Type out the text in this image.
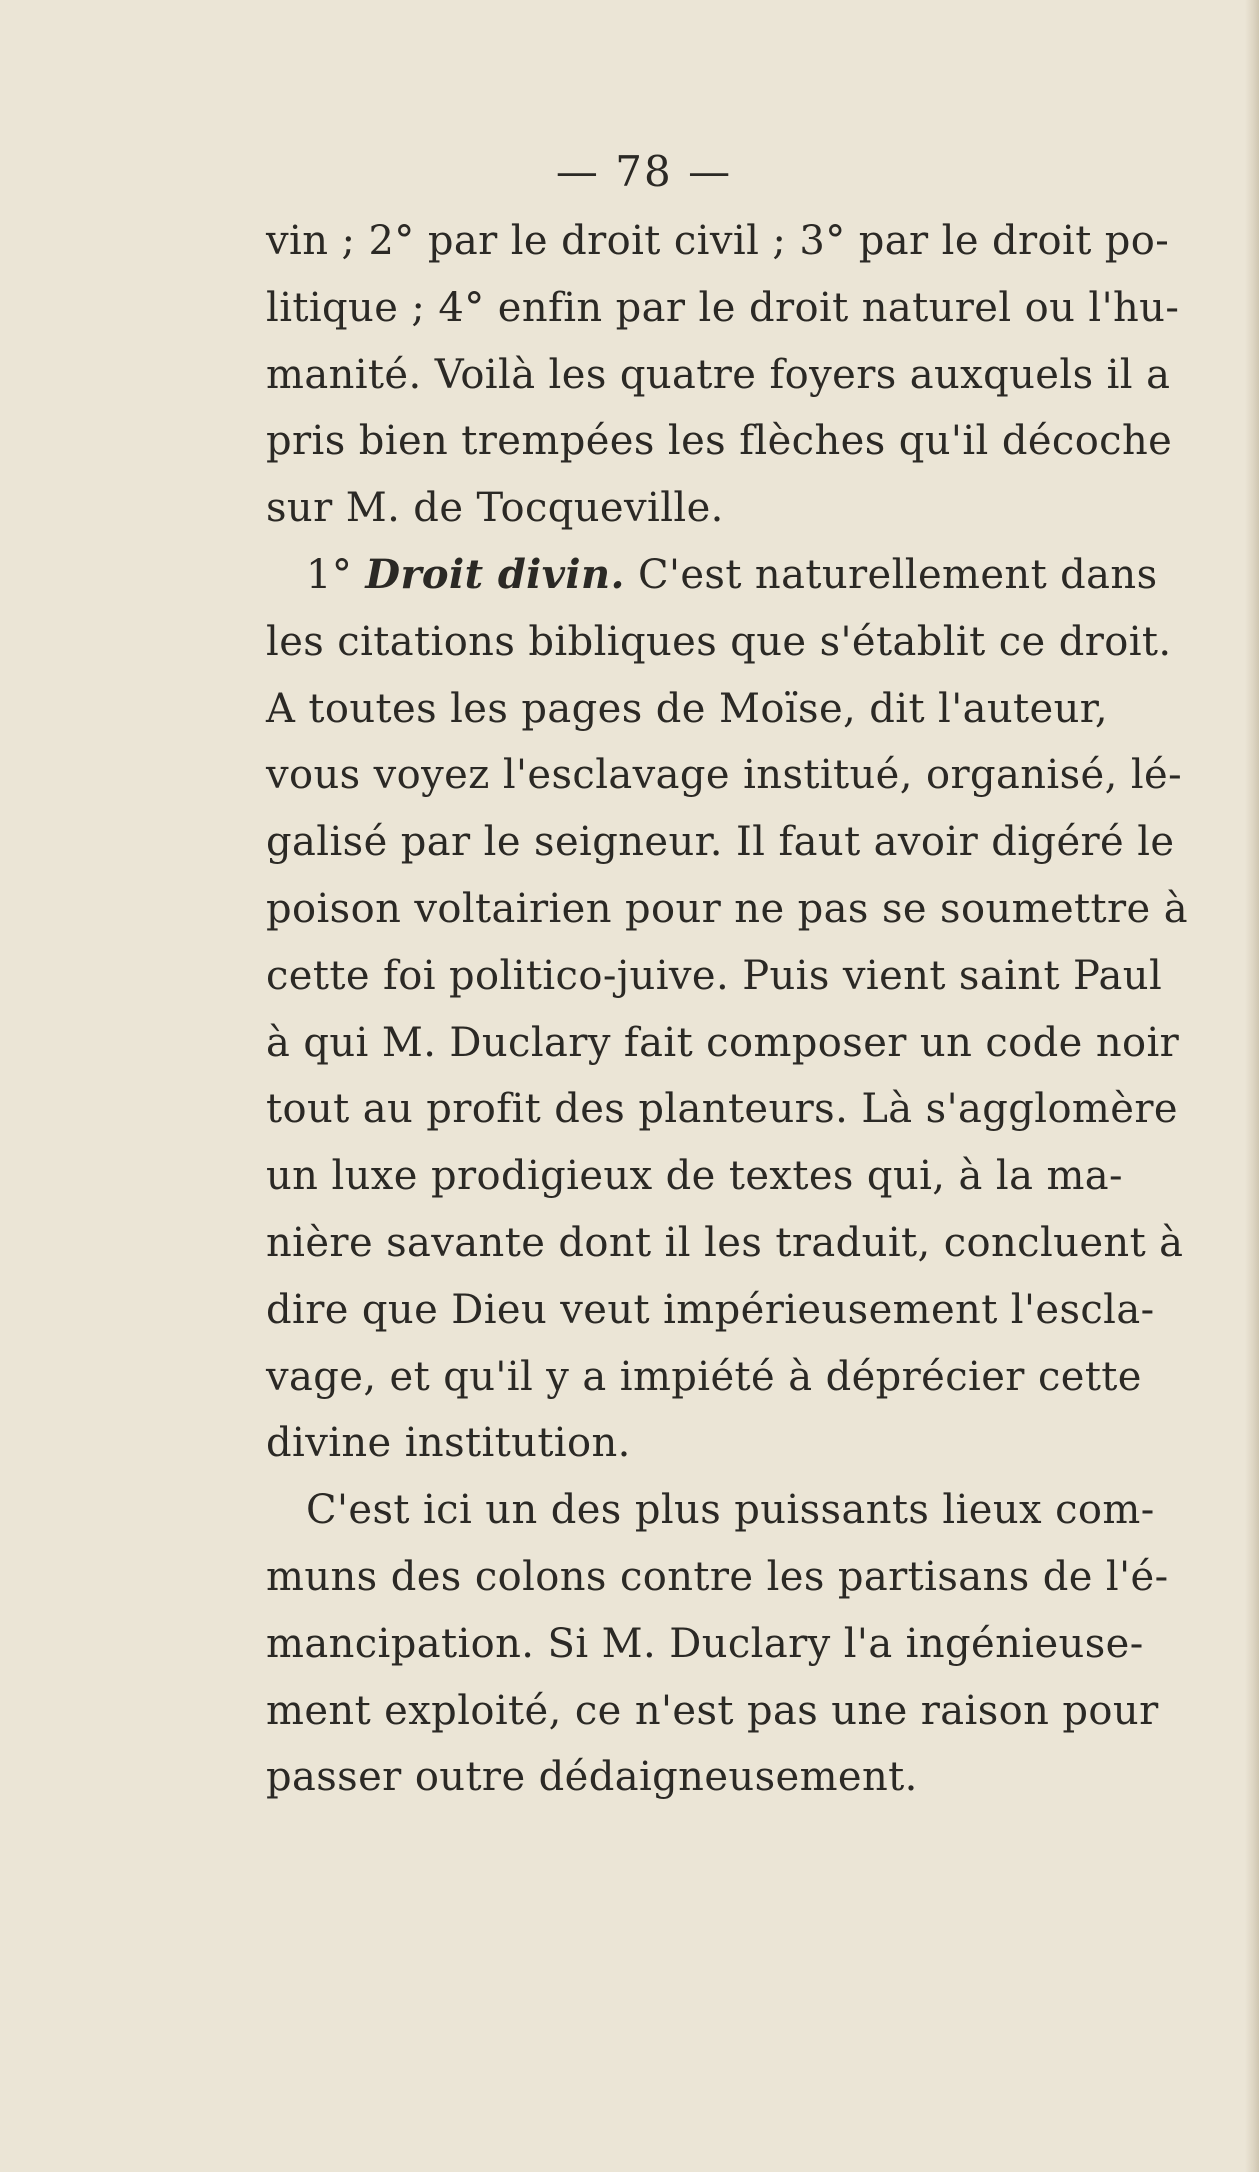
— 78 —
vin ; 2° par le droit civil ; 3° par le droit po-
litique ; 4° enfin par le droit naturel ou l'hu-
manité. Voilà les quatre foyers auxquels il a
pris bien trempées les flèches qu'il décoche
sur M. de Tocqueville.
1° Droit divin. C'est naturellement dans
les citations bibliques que s'établit ce droit.
A toutes les pages de Moïse, dit l'auteur,
vous voyez l'esclavage institué, organisé, lé-
galisé par le seigneur. Il faut avoir digéré le
poison voltairien pour ne pas se soumettre à
cette foi politico-juive. Puis vient saint Paul
à qui M. Duclary fait composer un code noir
tout au profit des planteurs. Là s'agglomère
un luxe prodigieux de textes qui, à la ma-
nière savante dont il les traduit, concluent à
dire que Dieu veut impérieusement l'escla-
vage, et qu'il y a impiété à déprécier cette
divine institution.
C'est ici un des plus puissants lieux com-
muns des colons contre les partisans de l'é-
mancipation. Si M. Duclary l'a ingénieuse-
ment exploité, ce n'est pas une raison pour
passer outre dédaigneusement.
